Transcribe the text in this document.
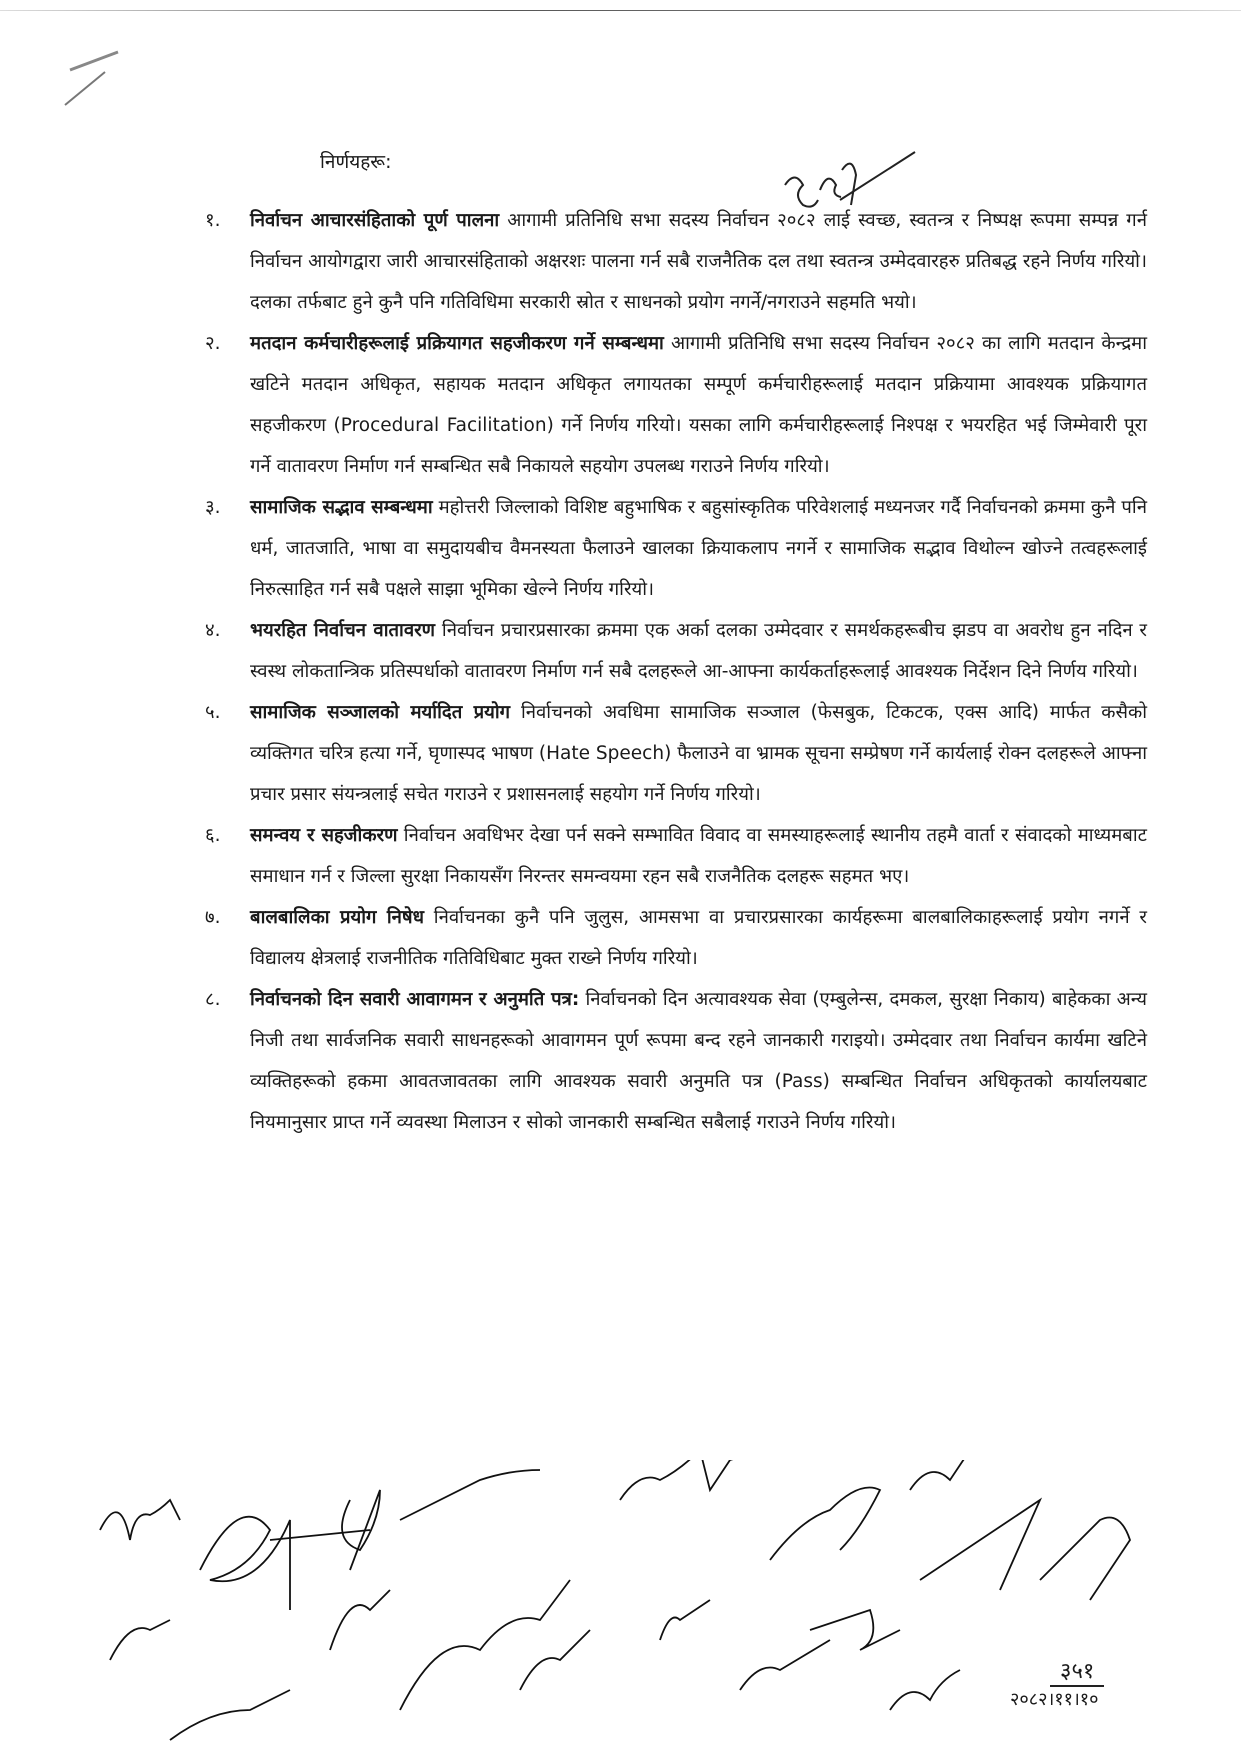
निर्णयहरू:
१. निर्वाचन आचारसंहिताको पूर्ण पालना आगामी प्रतिनिधि सभा सदस्य निर्वाचन २०८२ लाई स्वच्छ, स्वतन्त्र र निष्पक्ष रूपमा सम्पन्न गर्न निर्वाचन आयोगद्वारा जारी आचारसंहिताको अक्षरशः पालना गर्न सबै राजनैतिक दल तथा स्वतन्त्र उम्मेदवारहरु प्रतिबद्ध रहने निर्णय गरियो। दलका तर्फबाट हुने कुनै पनि गतिविधिमा सरकारी स्रोत र साधनको प्रयोग नगर्ने/नगराउने सहमति भयो।
२. मतदान कर्मचारीहरूलाई प्रक्रियागत सहजीकरण गर्ने सम्बन्धमा आगामी प्रतिनिधि सभा सदस्य निर्वाचन २०८२ का लागि मतदान केन्द्रमा खटिने मतदान अधिकृत, सहायक मतदान अधिकृत लगायतका सम्पूर्ण कर्मचारीहरूलाई मतदान प्रक्रियामा आवश्यक प्रक्रियागत सहजीकरण (Procedural Facilitation) गर्ने निर्णय गरियो। यसका लागि कर्मचारीहरूलाई निश्पक्ष र भयरहित भई जिम्मेवारी पूरा गर्ने वातावरण निर्माण गर्न सम्बन्धित सबै निकायले सहयोग उपलब्ध गराउने निर्णय गरियो।
३. सामाजिक सद्भाव सम्बन्धमा महोत्तरी जिल्लाको विशिष्ट बहुभाषिक र बहुसांस्कृतिक परिवेशलाई मध्यनजर गर्दै निर्वाचनको क्रममा कुनै पनि धर्म, जातजाति, भाषा वा समुदायबीच वैमनस्यता फैलाउने खालका क्रियाकलाप नगर्ने र सामाजिक सद्भाव विथोल्न खोज्ने तत्वहरूलाई निरुत्साहित गर्न सबै पक्षले साझा भूमिका खेल्ने निर्णय गरियो।
४. भयरहित निर्वाचन वातावरण निर्वाचन प्रचारप्रसारका क्रममा एक अर्का दलका उम्मेदवार र समर्थकहरूबीच झडप वा अवरोध हुन नदिन र स्वस्थ लोकतान्त्रिक प्रतिस्पर्धाको वातावरण निर्माण गर्न सबै दलहरूले आ-आफ्ना कार्यकर्ताहरूलाई आवश्यक निर्देशन दिने निर्णय गरियो।
५. सामाजिक सञ्जालको मर्यादित प्रयोग निर्वाचनको अवधिमा सामाजिक सञ्जाल (फेसबुक, टिकटक, एक्स आदि) मार्फत कसैको व्यक्तिगत चरित्र हत्या गर्ने, घृणास्पद भाषण (Hate Speech) फैलाउने वा भ्रामक सूचना सम्प्रेषण गर्ने कार्यलाई रोक्न दलहरूले आफ्ना प्रचार प्रसार संयन्त्रलाई सचेत गराउने र प्रशासनलाई सहयोग गर्ने निर्णय गरियो।
६. समन्वय र सहजीकरण निर्वाचन अवधिभर देखा पर्न सक्ने सम्भावित विवाद वा समस्याहरूलाई स्थानीय तहमै वार्ता र संवादको माध्यमबाट समाधान गर्न र जिल्ला सुरक्षा निकायसँग निरन्तर समन्वयमा रहन सबै राजनैतिक दलहरू सहमत भए।
७. बालबालिका प्रयोग निषेध निर्वाचनका कुनै पनि जुलुस, आमसभा वा प्रचारप्रसारका कार्यहरूमा बालबालिकाहरूलाई प्रयोग नगर्ने र विद्यालय क्षेत्रलाई राजनीतिक गतिविधिबाट मुक्त राख्ने निर्णय गरियो।
८. निर्वाचनको दिन सवारी आवागमन र अनुमति पत्र: निर्वाचनको दिन अत्यावश्यक सेवा (एम्बुलेन्स, दमकल, सुरक्षा निकाय) बाहेकका अन्य निजी तथा सार्वजनिक सवारी साधनहरूको आवागमन पूर्ण रूपमा बन्द रहने जानकारी गराइयो। उम्मेदवार तथा निर्वाचन कार्यमा खटिने व्यक्तिहरूको हकमा आवतजावतका लागि आवश्यक सवारी अनुमति पत्र (Pass) सम्बन्धित निर्वाचन अधिकृतको कार्यालयबाट नियमानुसार प्राप्त गर्ने व्यवस्था मिलाउन र सोको जानकारी सम्बन्धित सबैलाई गराउने निर्णय गरियो।
३५१
२०८२।११।१०
